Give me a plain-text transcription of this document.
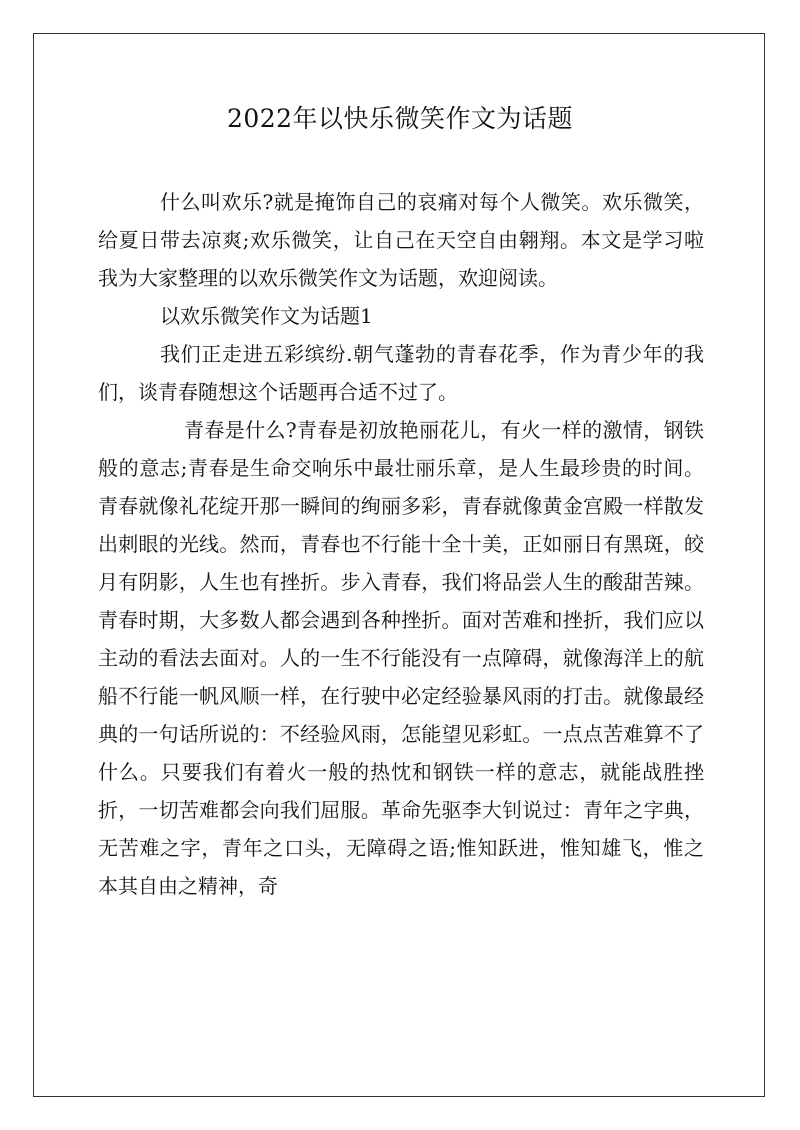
2022年以快乐微笑作文为话题

什么叫欢乐?就是掩饰自己的哀痛对每个人微笑。欢乐微笑，给夏日带去凉爽;欢乐微笑，让自己在天空自由翱翔。本文是学习啦我为大家整理的以欢乐微笑作文为话题，欢迎阅读。

以欢乐微笑作文为话题1

我们正走进五彩缤纷.朝气蓬勃的青春花季，作为青少年的我们，谈青春随想这个话题再合适不过了。

青春是什么?青春是初放艳丽花儿，有火一样的激情，钢铁般的意志;青春是生命交响乐中最壮丽乐章，是人生最珍贵的时间。青春就像礼花绽开那一瞬间的绚丽多彩，青春就像黄金宫殿一样散发出刺眼的光线。然而，青春也不行能十全十美，正如丽日有黑斑，皎月有阴影，人生也有挫折。步入青春，我们将品尝人生的酸甜苦辣。青春时期，大多数人都会遇到各种挫折。面对苦难和挫折，我们应以主动的看法去面对。人的一生不行能没有一点障碍，就像海洋上的航船不行能一帆风顺一样，在行驶中必定经验暴风雨的打击。就像最经典的一句话所说的：不经验风雨，怎能望见彩虹。一点点苦难算不了什么。只要我们有着火一般的热忱和钢铁一样的意志，就能战胜挫折，一切苦难都会向我们屈服。革命先驱李大钊说过：青年之字典，无苦难之字，青年之口头，无障碍之语;惟知跃进，惟知雄飞，惟之本其自由之精神，奇
